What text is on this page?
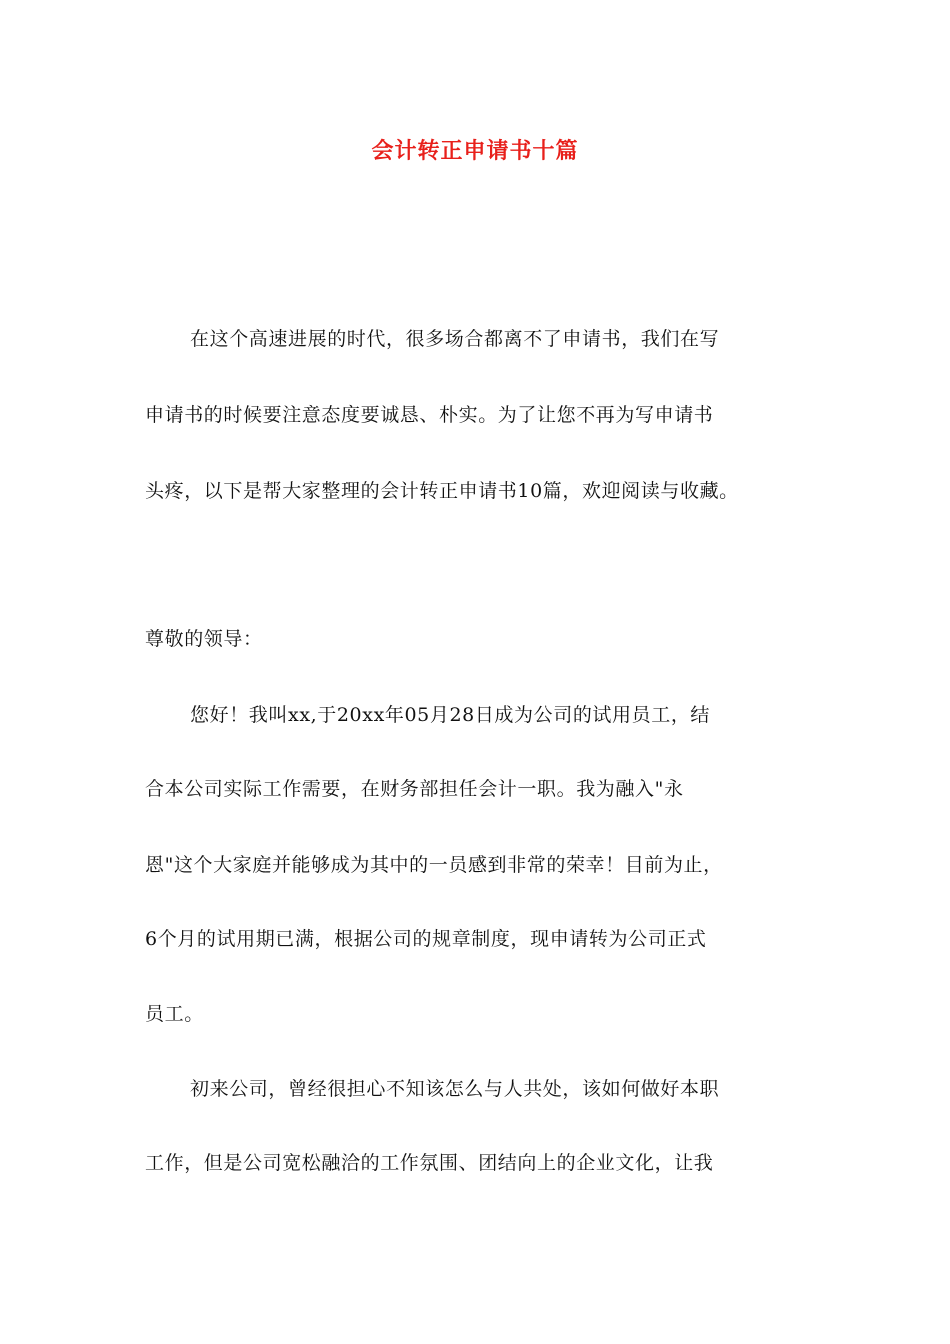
会计转正申请书十篇
在这个高速进展的时代，很多场合都离不了申请书，我们在写
申请书的时候要注意态度要诚恳、朴实。为了让您不再为写申请书
头疼，以下是帮大家整理的会计转正申请书10篇，欢迎阅读与收藏。
尊敬的领导：
您好！我叫xx,于20xx年05月28日成为公司的试用员工，结
合本公司实际工作需要，在财务部担任会计一职。我为融入"永
恩"这个大家庭并能够成为其中的一员感到非常的荣幸！目前为止，
6个月的试用期已满，根据公司的规章制度，现申请转为公司正式
员工。
初来公司，曾经很担心不知该怎么与人共处，该如何做好本职
工作，但是公司宽松融洽的工作氛围、团结向上的企业文化，让我
